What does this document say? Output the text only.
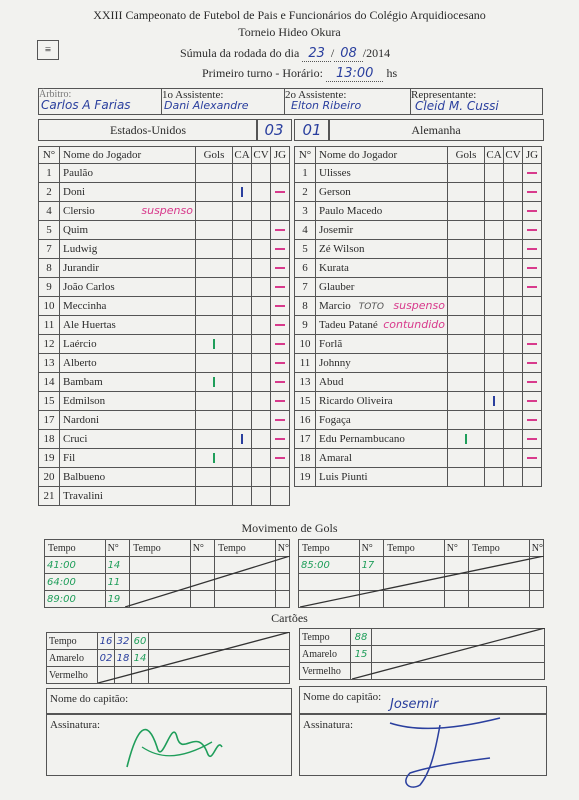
XXIII Campeonato de Futebol de Pais e Funcionários do Colégio Arquidiocesano
Torneio Hideo Okura
≡	Súmula da rodada do dia 23 / 08 /2014
Primeiro turno - Horário: 13:00 hs
Árbitro:
Carlos A Farias

1o Assistente:
Dani Alexandre

2o Assistente:
Elton Ribeiro

Representante:
Cleid M. Cussi
Estados-Unidos	03	01	Alemanha
N°	Nome do Jogador	Gols	CA	CV	JG
1	Paulão				
2	Doni				
4	Clersio suspenso				

5	Quim				
7	Ludwig				
8	Jurandir				
9	João Carlos				
10	Meccinha				
11	Ale Huertas				
12	Laércio				
13	Alberto				
14	Bambam				
15	Edmilson				
17	Nardoni				
18	Cruci				
19	Fil				
20	Balbueno				
21	Travalini				
N°	Nome do Jogador	Gols	CA	CV	JG
1	Ulisses				
2	Gerson				
3	Paulo Macedo				
4	Josemir				
5	Zé Wilson				
6	Kurata				
7	Glauber				
8	Marcio TOTO suspenso				

9	Tadeu Patané contundido				

10	Forlã				
11	Johnny				
13	Abud				
15	Ricardo Oliveira				
16	Fogaça				
17	Edu Pernambucano				
18	Amaral				
19	Luis Piunti				
Movimento de Gols
Tempo	N°	Tempo	N°	Tempo	N°
41:00	14				
64:00	11				
89:00	19				
Tempo	N°	Tempo	N°	Tempo	N°
85:00	17				

Cartões
Tempo	16	32	60	
Amarelo	02	18	14	
Vermelho				
Tempo	88	
Amarelo	15	
Vermelho		
Nome do capitão:
Assinatura:
Nome do capitão: Josemir
Assinatura:
